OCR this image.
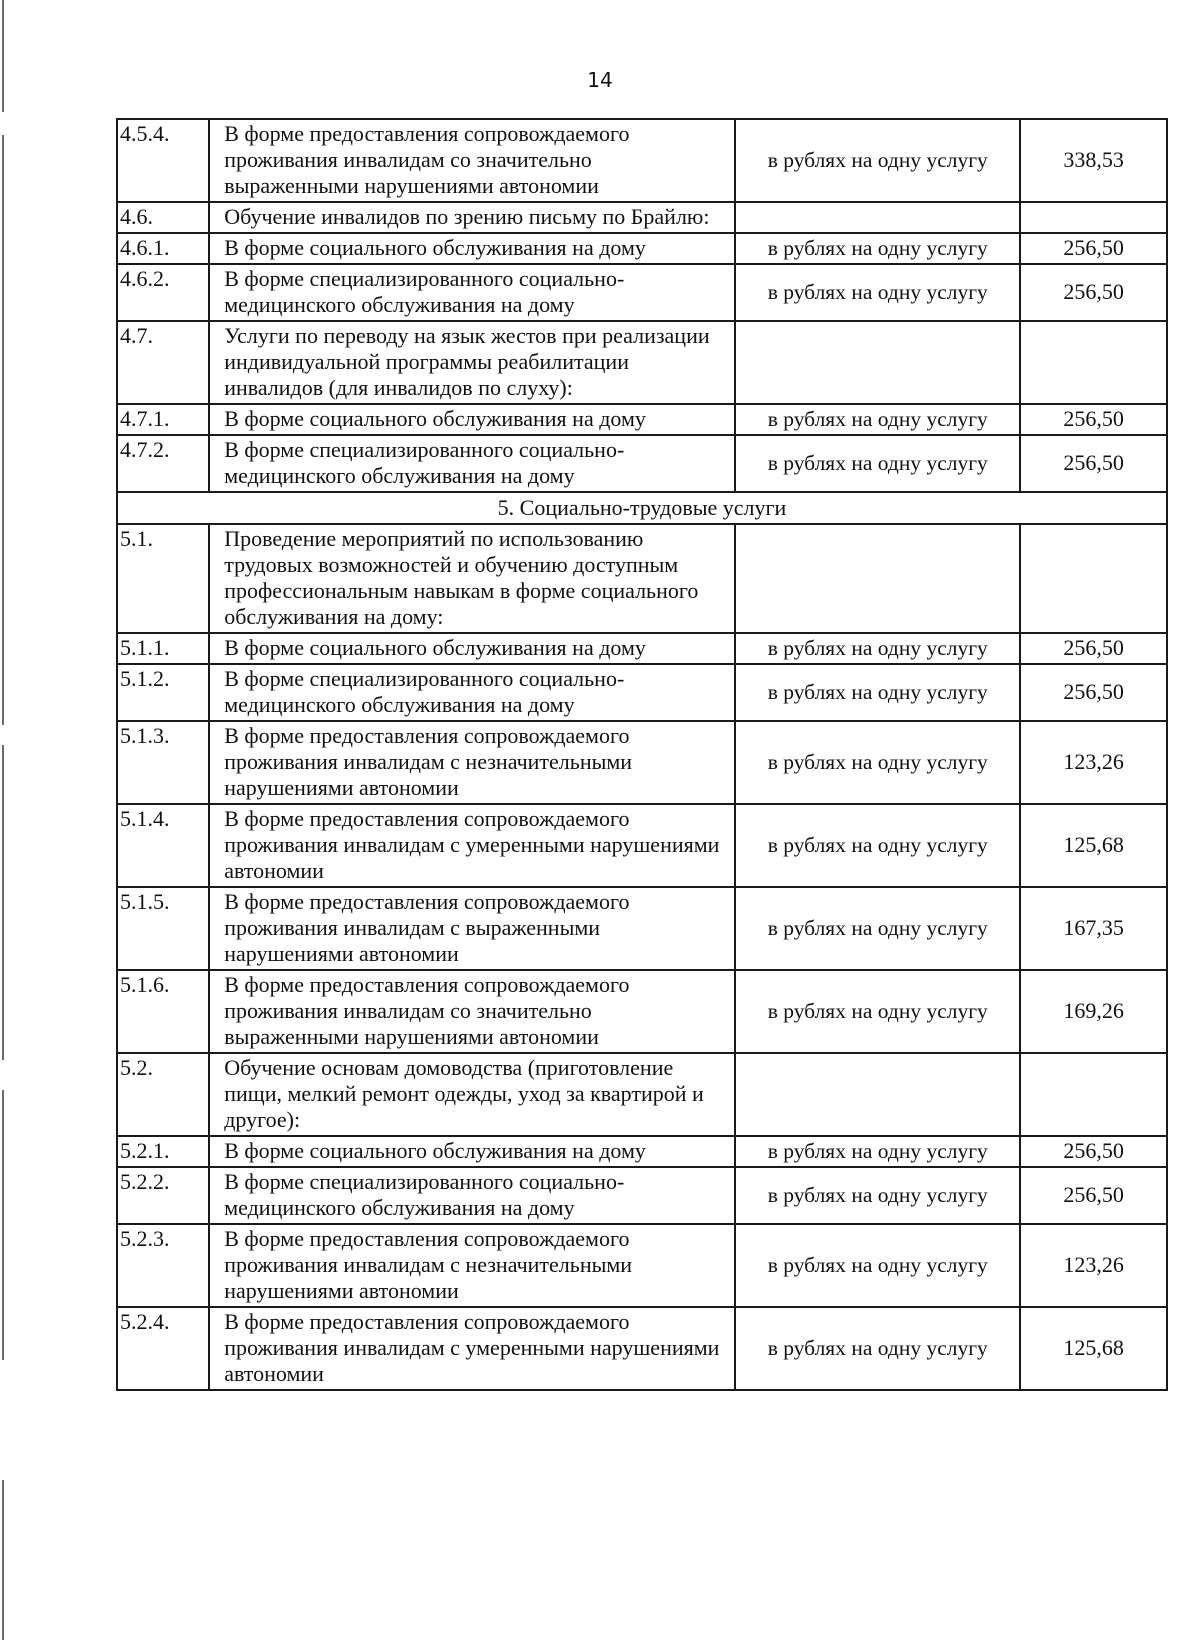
14
4.5.4.	В форме предоставления сопровождаемого проживания инвалидам со значительно выраженными нарушениями автономии	в рублях на одну услугу	338,53
4.6.	Обучение инвалидов по зрению письму по Брайлю:		
4.6.1.	В форме социального обслуживания на дому	в рублях на одну услугу	256,50
4.6.2.	В форме специализированного социально-медицинского обслуживания на дому	в рублях на одну услугу	256,50
4.7.	Услуги по переводу на язык жестов при реализации индивидуальной программы реабилитации инвалидов (для инвалидов по слуху):		
4.7.1.	В форме социального обслуживания на дому	в рублях на одну услугу	256,50
4.7.2.	В форме специализированного социально-медицинского обслуживания на дому	в рублях на одну услугу	256,50
5. Социально-трудовые услуги			
5.1.	Проведение мероприятий по использованию трудовых возможностей и обучению доступным профессиональным навыкам в форме социального обслуживания на дому:		
5.1.1.	В форме социального обслуживания на дому	в рублях на одну услугу	256,50
5.1.2.	В форме специализированного социально-медицинского обслуживания на дому	в рублях на одну услугу	256,50
5.1.3.	В форме предоставления сопровождаемого проживания инвалидам с незначительными нарушениями автономии	в рублях на одну услугу	123,26
5.1.4.	В форме предоставления сопровождаемого проживания инвалидам с умеренными нарушениями автономии	в рублях на одну услугу	125,68
5.1.5.	В форме предоставления сопровождаемого проживания инвалидам с выраженными нарушениями автономии	в рублях на одну услугу	167,35
5.1.6.	В форме предоставления сопровождаемого проживания инвалидам со значительно выраженными нарушениями автономии	в рублях на одну услугу	169,26
5.2.	Обучение основам домоводства (приготовление пищи, мелкий ремонт одежды, уход за квартирой и другое):		
5.2.1.	В форме социального обслуживания на дому	в рублях на одну услугу	256,50
5.2.2.	В форме специализированного социально-медицинского обслуживания на дому	в рублях на одну услугу	256,50
5.2.3.	В форме предоставления сопровождаемого проживания инвалидам с незначительными нарушениями автономии	в рублях на одну услугу	123,26
5.2.4.	В форме предоставления сопровождаемого проживания инвалидам с умеренными нарушениями автономии	в рублях на одну услугу	125,68
